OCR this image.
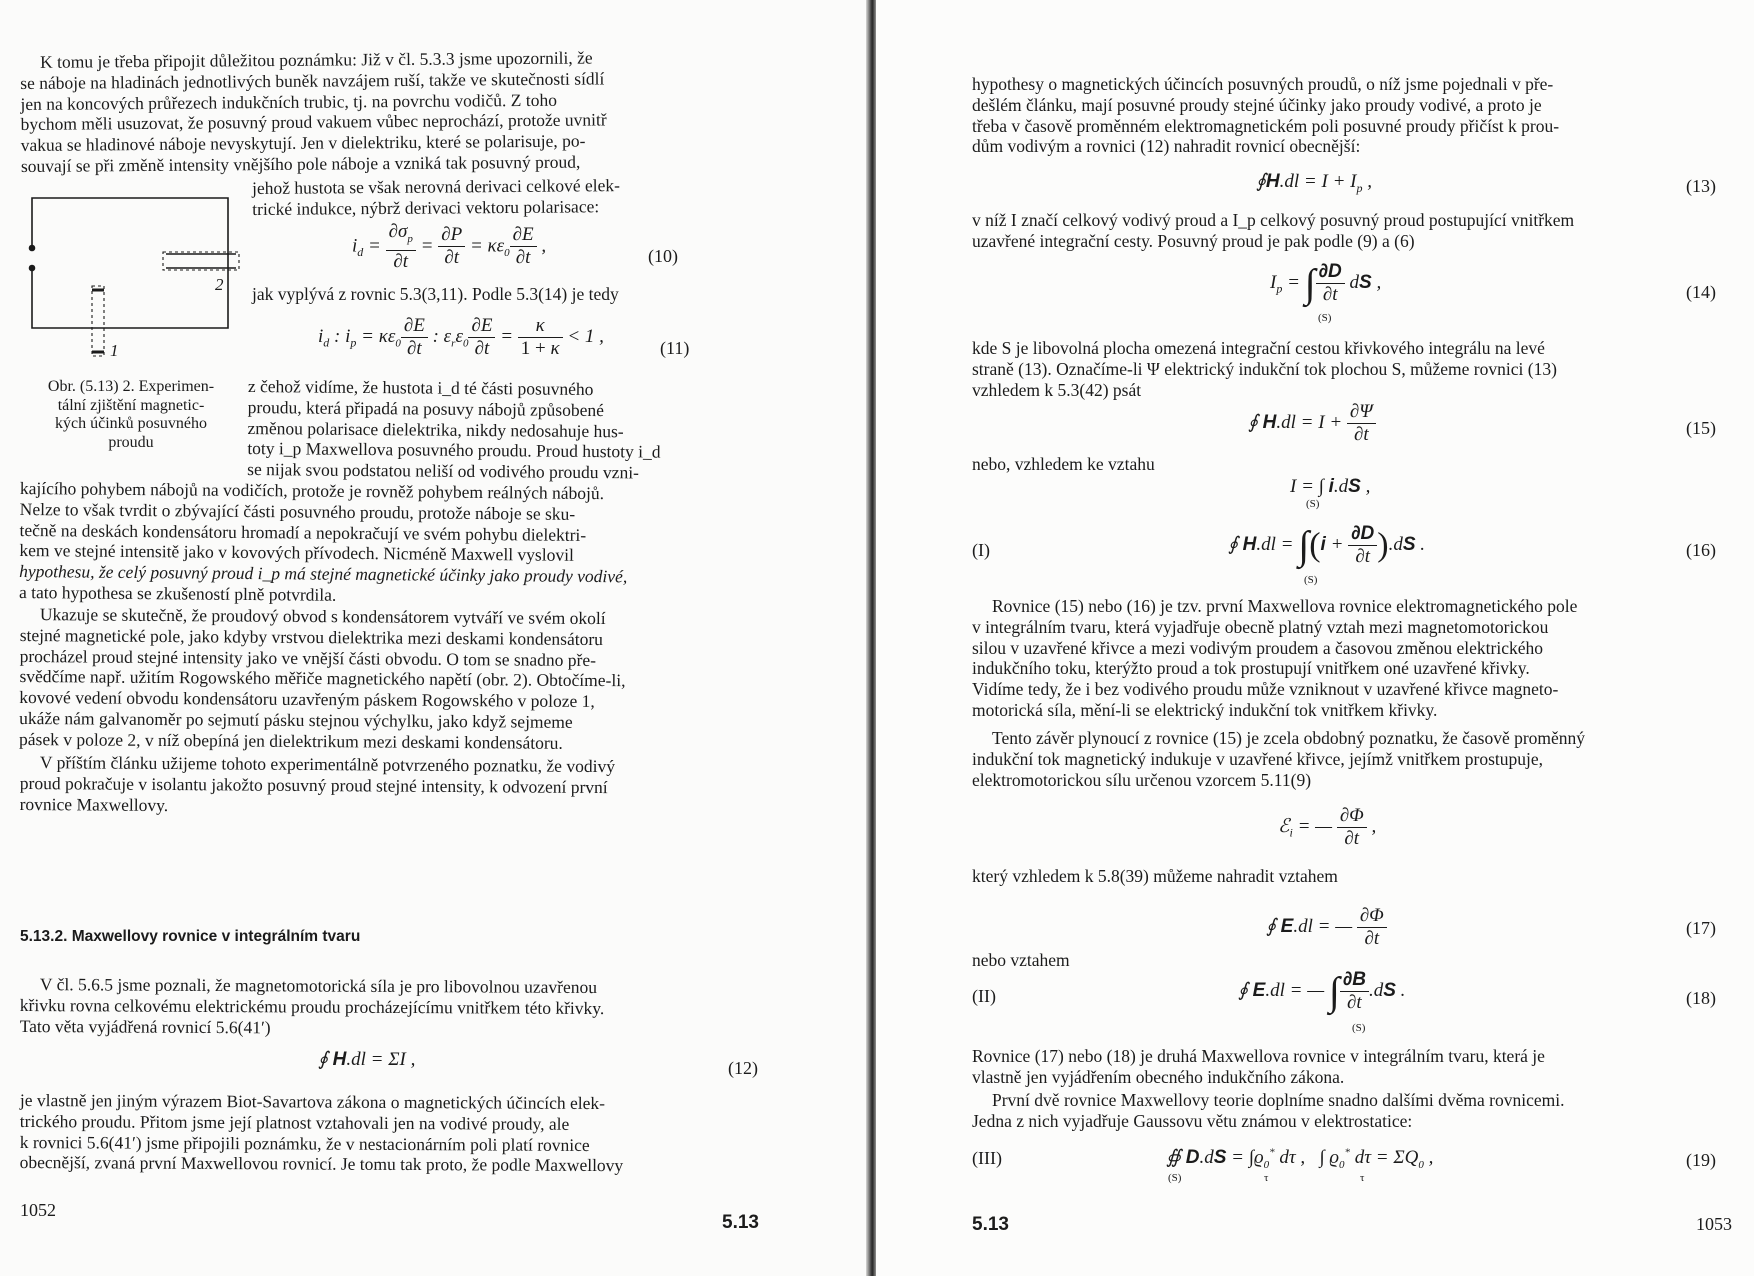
K tomu je třeba připojit důležitou poznámku: Již v čl. 5.3.3 jsme upozornili, že
se náboje na hladinách jednotlivých buněk navzájem ruší, takže ve skutečnosti sídlí
jen na koncových průřezech indukčních trubic, tj. na povrchu vodičů. Z toho
bychom měli usuzovat, že posuvný proud vakuem vůbec neprochází, protože uvnitř
vakua se hladinové náboje nevyskytují. Jen v dielektriku, které se polarisuje, po-
souvají se při změně intensity vnějšího pole náboje a vzniká tak posuvný proud,
jehož hustota se však nerovná derivaci celkové elek-
trické indukce, nýbrž derivaci vektoru polarisace:
2
1
$i_d = \frac{\partial\sigma_p}{\partial t} = \frac{\partial P}{\partial t} = \kappa\varepsilon_0 \frac{\partial E}{\partial t}$ ,	(10)
jak vyplývá z rovnic 5.3(3,11). Podle 5.3(14) je tedy
$i_d$ : $i_p = \kappa\varepsilon_0 \frac{\partial E}{\partial t}$ : $\varepsilon_r\varepsilon_0 \frac{\partial E}{\partial t} = \frac{\kappa}{1 + \kappa} < 1$ ,
(11)
Obr. (5.13) 2. Experimen-
tální zjištění magnetic-
kých účinků posuvného
proudu
z čehož vidíme, že hustota i_d té části posuvného
proudu, která připadá na posuvy nábojů způsobené
změnou polarisace dielektrika, nikdy nedosahuje hus-
toty i_p Maxwellova posuvného proudu. Proud hustoty i_d
se nijak svou podstatou neliší od vodivého proudu vzni-
kajícího pohybem nábojů na vodičích, protože je rovněž pohybem reálných nábojů.
Nelze to však tvrdit o zbývající části posuvného proudu, protože náboje se sku-
tečně na deskách kondensátoru hromadí a nepokračují ve svém pohybu dielektri-
kem ve stejné intensitě jako v kovových přívodech. Nicméně Maxwell vyslovil
hypothesu, že celý posuvný proud i_p má stejné magnetické účinky jako proudy vodivé,
a tato hypothesa se zkušeností plně potvrdila.
Ukazuje se skutečně, že proudový obvod s kondensátorem vytváří ve svém okolí
stejné magnetické pole, jako kdyby vrstvou dielektrika mezi deskami kondensátoru
procházel proud stejné intensity jako ve vnější části obvodu. O tom se snadno pře-
svědčíme např. užitím Rogowského měřiče magnetického napětí (obr. 2). Obtočíme-li,
kovové vedení obvodu kondensátoru uzavřeným páskem Rogowského v poloze 1,
ukáže nám galvanoměr po sejmutí pásku stejnou výchylku, jako když sejmeme
pásek v poloze 2, v níž obepíná jen dielektrikum mezi deskami kondensátoru.
V příštím článku užijeme tohoto experimentálně potvrzeného poznatku, že vodivý
proud pokračuje v isolantu jakožto posuvný proud stejné intensity, k odvození první
rovnice Maxwellovy.
5.13.2. Maxwellovy rovnice v integrálním tvaru
V čl. 5.6.5 jsme poznali, že magnetomotorická síla je pro libovolnou uzavřenou
křivku rovna celkovému elektrickému proudu procházejícímu vnitřkem této křivky.
Tato věta vyjádřená rovnicí 5.6(41′)
∮ H.dl = ΣI ,	(12)
je vlastně jen jiným výrazem Biot-Savartova zákona o magnetických účincích elek-
trického proudu. Přitom jsme její platnost vztahovali jen na vodivé proudy, ale
k rovnici 5.6(41′) jsme připojili poznámku, že v nestacionárním poli platí rovnice
obecnější, zvaná první Maxwellovou rovnicí. Je tomu tak proto, že podle Maxwellovy
1052
5.13
hypothesy o magnetických účincích posuvných proudů, o níž jsme pojednali v pře-
dešlém článku, mají posuvné proudy stejné účinky jako proudy vodivé, a proto je
třeba v časově proměnném elektromagnetickém poli posuvné proudy přičíst k prou-
dům vodivým a rovnici (12) nahradit rovnicí obecnější:
∮H.dl = $I + I_p$ ,	(13)
v níž I značí celkový vodivý proud a I_p celkový posuvný proud postupující vnitřkem
uzavřené integrační cesty. Posuvný proud je pak podle (9) a (6)
$I_p$ = ∫ $\frac{\partial D}{\partial t}$ dS ,
(S)
(14)
kde S je libovolná plocha omezená integrační cestou křivkového integrálu na levé
straně (13). Označíme-li Ψ elektrický indukční tok plochou S, můžeme rovnici (13)
vzhledem k 5.3(42) psát
∮ $H.dl = I + \frac{\partial\Psi}{\partial t}$	(15)
nebo, vzhledem ke vztahu
I = ∫ i.dS ,
(S)
(I)	∮ $H.dl = \int(i + \frac{\partial D}{\partial t} ).dS$ .
(S)
(16)
Rovnice (15) nebo (16) je tzv. první Maxwellova rovnice elektromagnetického pole
v integrálním tvaru, která vyjadřuje obecně platný vztah mezi magnetomotorickou
silou v uzavřené křivce a mezi vodivým proudem a časovou změnou elektrického
indukčního toku, kterýžto proud a tok prostupují vnitřkem oné uzavřené křivky.
Vidíme tedy, že i bez vodivého proudu může vzniknout v uzavřené křivce magneto-
motorická síla, mění-li se elektrický indukční tok vnitřkem křivky.
Tento závěr plynoucí z rovnice (15) je zcela obdobný poznatku, že časově proměnný
indukční tok magnetický indukuje v uzavřené křivce, jejímž vnitřkem prostupuje,
elektromotorickou sílu určenou vzorcem 5.11(9)
ℰ$_i$ = — $\frac{\partial\Phi}{\partial t}$ ,
který vzhledem k 5.8(39) můžeme nahradit vztahem
∮ E.dl = — $\frac{\partial\Phi}{\partial t}$	(17)
nebo vztahem
(II)	∮ E.dl = — ∫ $\frac{\partial B}{\partial t} .dS$ .
(S)
(18)
Rovnice (17) nebo (18) je druhá Maxwellova rovnice v integrálním tvaru, která je
vlastně jen vyjádřením obecného indukčního zákona.
První dvě rovnice Maxwellovy teorie doplníme snadno dalšími dvěma rovnicemi.
Jedna z nich vyjadřuje Gaussovu větu známou v elektrostatice:
(III)	∯ $D.dS = \int ϱ_0^*$ dτ ,   ∫ $ϱ_0^*$ $d\tau = \Sigma Q_0$ ,
(S)	τ	τ
(19)
5.13	1053
